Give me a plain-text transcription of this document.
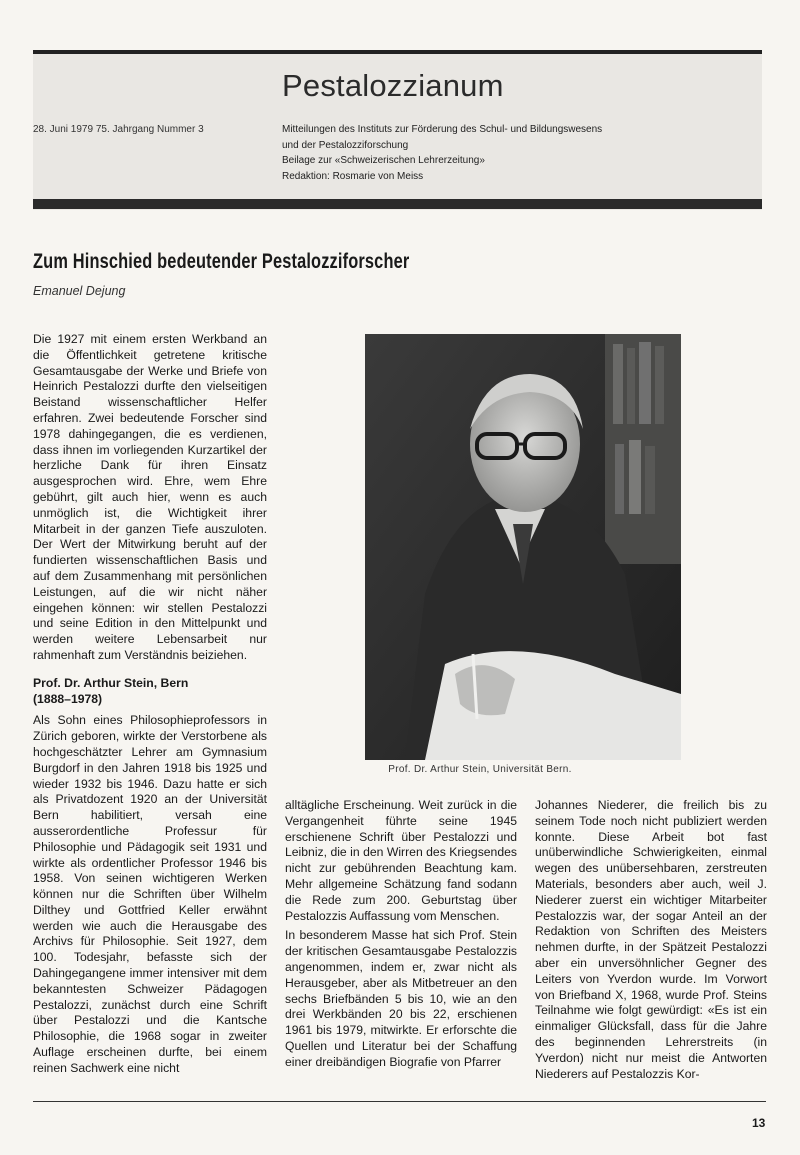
Pestalozzianum
28. Juni 1979 75. Jahrgang Nummer 3	Mitteilungen des Instituts zur Förderung des Schul- und Bildungswesens
und der Pestalozziforschung
Beilage zur «Schweizerischen Lehrerzeitung»
Redaktion: Rosmarie von Meiss
Zum Hinschied bedeutender Pestalozziforscher
Emanuel Dejung

Die 1927 mit einem ersten Werkband an die Öffentlichkeit getretene kritische Gesamtausgabe der Werke und Briefe von Heinrich Pestalozzi durfte den vielseitigen Beistand wissenschaftlicher Helfer erfahren. Zwei bedeutende Forscher sind 1978 dahingegangen, die es verdienen, dass ihnen im vorliegenden Kurzartikel der herzliche Dank für ihren Einsatz ausgesprochen wird. Ehre, wem Ehre gebührt, gilt auch hier, wenn es auch unmöglich ist, die Wichtigkeit ihrer Mitarbeit in der ganzen Tiefe auszuloten. Der Wert der Mitwirkung beruht auf der fundierten wissenschaftlichen Basis und auf dem Zusammenhang mit persönlichen Leistungen, auf die wir nicht näher eingehen können: wir stellen Pestalozzi und seine Edition in den Mittelpunkt und werden weitere Lebensarbeit nur rahmenhaft zum Verständnis beiziehen.

Prof. Dr. Arthur Stein, Bern
(1888–1978)

Als Sohn eines Philosophieprofessors in Zürich geboren, wirkte der Verstorbene als hochgeschätzter Lehrer am Gymnasium Burgdorf in den Jahren 1918 bis 1925 und wieder 1932 bis 1946. Dazu hatte er sich als Privatdozent 1920 an der Universität Bern habilitiert, versah eine ausserordentliche Professur für Philosophie und Pädagogik seit 1931 und wirkte als ordentlicher Professor 1946 bis 1958. Von seinen wichtigeren Werken können nur die Schriften über Wilhelm Dilthey und Gottfried Keller erwähnt werden wie auch die Herausgabe des Archivs für Philosophie. Seit 1927, dem 100. Todesjahr, befasste sich der Dahingegangene immer intensiver mit dem bekanntesten Schweizer Pädagogen Pestalozzi, zunächst durch eine Schrift über Pestalozzi und die Kantsche Philosophie, die 1968 sogar in zweiter Auflage erscheinen durfte, bei einem reinen Sachwerk eine nicht

Prof. Dr. Arthur Stein, Universität Bern.

alltägliche Erscheinung. Weit zurück in die Vergangenheit führte seine 1945 erschienene Schrift über Pestalozzi und Leibniz, die in den Wirren des Kriegsendes nicht zur gebührenden Beachtung kam. Mehr allgemeine Schätzung fand sodann die Rede zum 200. Geburtstag über Pestalozzis Auffassung vom Menschen.

In besonderem Masse hat sich Prof. Stein der kritischen Gesamtausgabe Pestalozzis angenommen, indem er, zwar nicht als Herausgeber, aber als Mitbetreuer an den sechs Briefbänden 5 bis 10, wie an den drei Werkbänden 20 bis 22, erschienen 1961 bis 1979, mitwirkte. Er erforschte die Quellen und Literatur bei der Schaffung einer dreibändigen Biografie von Pfarrer

Johannes Niederer, die freilich bis zu seinem Tode noch nicht publiziert werden konnte. Diese Arbeit bot fast unüberwindliche Schwierigkeiten, einmal wegen des unübersehbaren, zerstreuten Materials, besonders aber auch, weil J. Niederer zuerst ein wichtiger Mitarbeiter Pestalozzis war, der sogar Anteil an der Redaktion von Schriften des Meisters nehmen durfte, in der Spätzeit Pestalozzi aber ein unversöhnlicher Gegner des Leiters von Yverdon wurde. Im Vorwort von Briefband X, 1968, wurde Prof. Steins Teilnahme wie folgt gewürdigt: «Es ist ein einmaliger Glücksfall, dass für die Jahre des beginnenden Lehrerstreits (in Yverdon) nicht nur meist die Antworten Niederers auf Pestalozzis Kor-

13
